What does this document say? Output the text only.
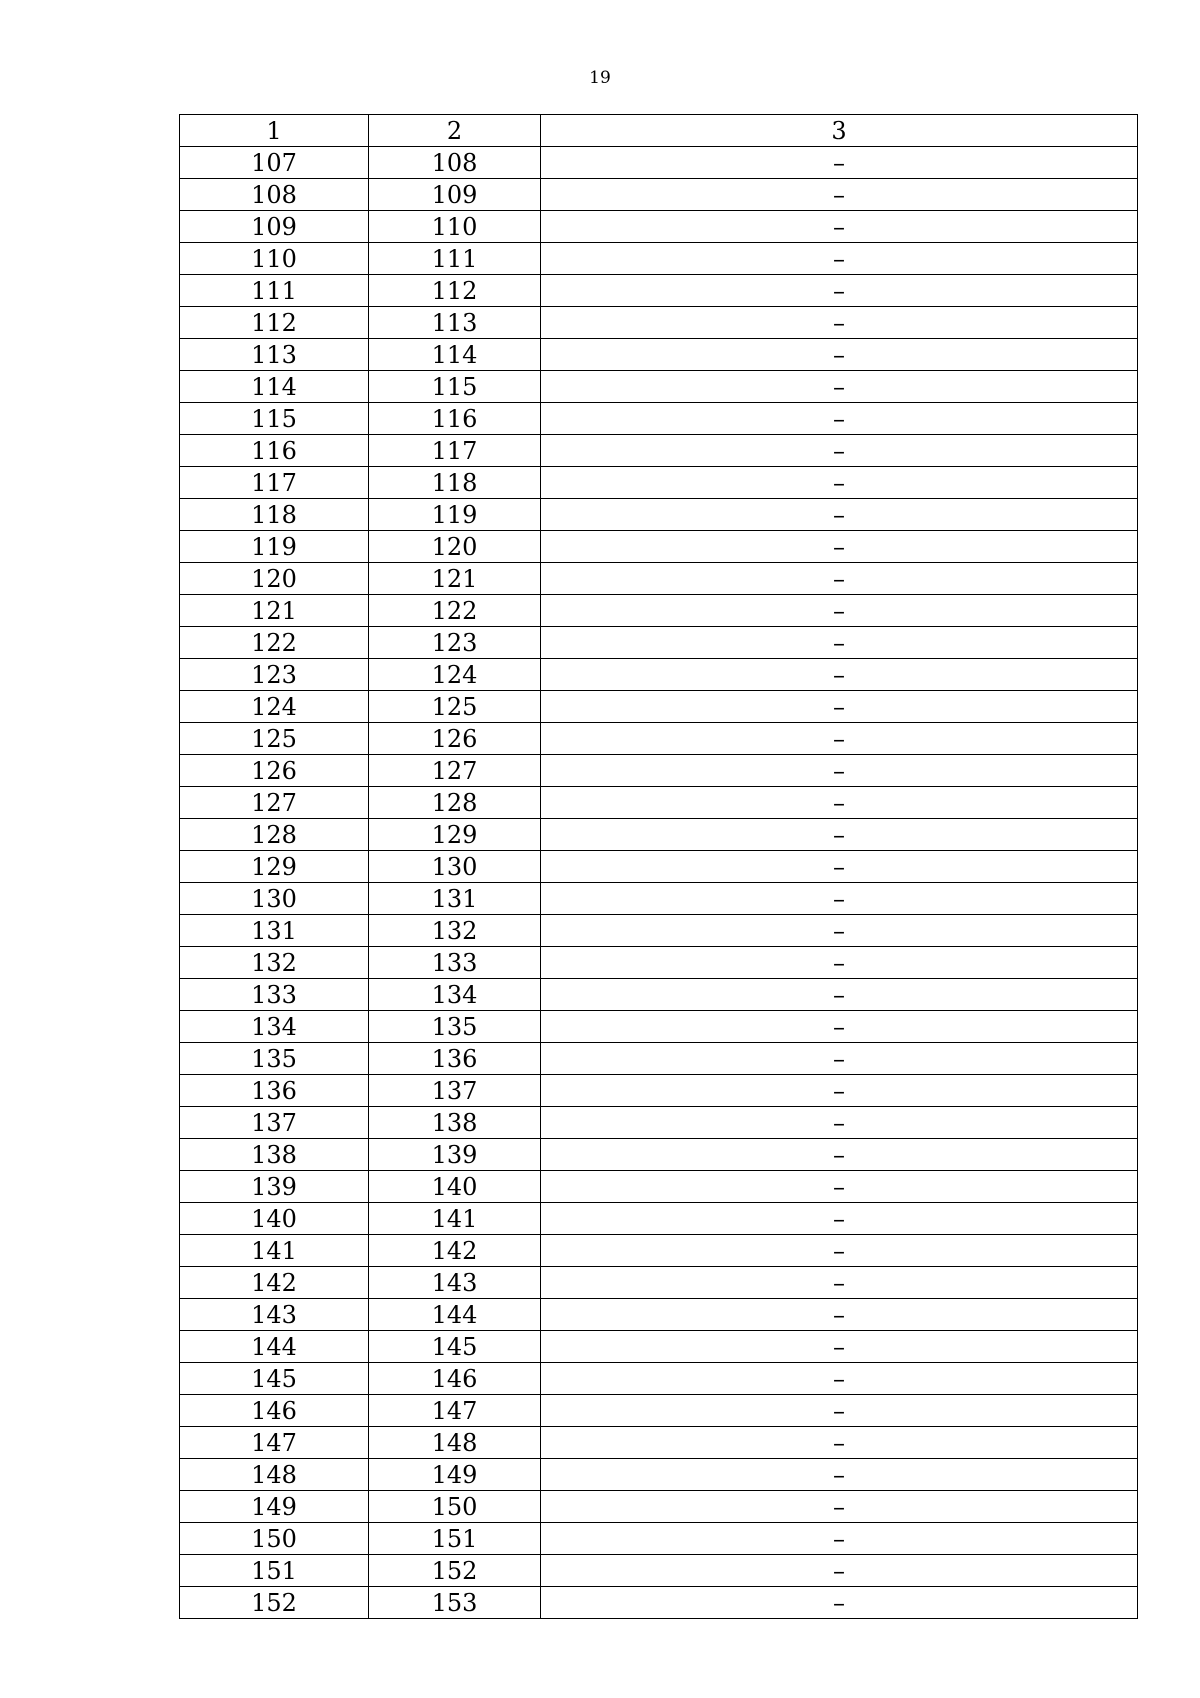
19
1	2	3
107	108	–
108	109	–
109	110	–
110	111	–
111	112	–
112	113	–
113	114	–
114	115	–
115	116	–
116	117	–
117	118	–
118	119	–
119	120	–
120	121	–
121	122	–
122	123	–
123	124	–
124	125	–
125	126	–
126	127	–
127	128	–
128	129	–
129	130	–
130	131	–
131	132	–
132	133	–
133	134	–
134	135	–
135	136	–
136	137	–
137	138	–
138	139	–
139	140	–
140	141	–
141	142	–
142	143	–
143	144	–
144	145	–
145	146	–
146	147	–
147	148	–
148	149	–
149	150	–
150	151	–
151	152	–
152	153	–
